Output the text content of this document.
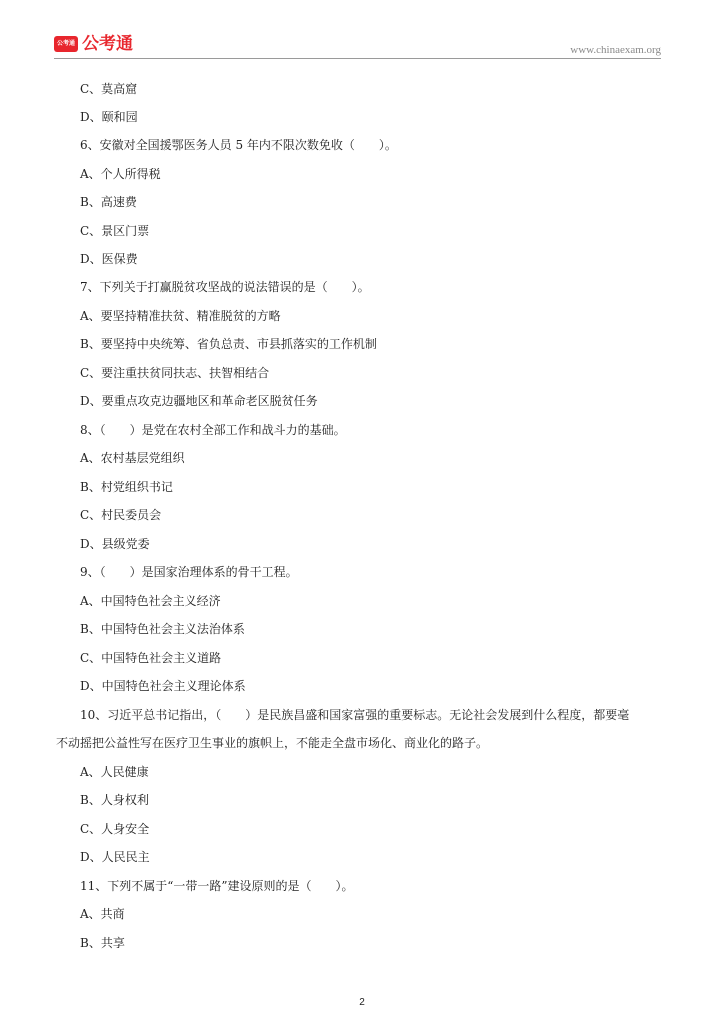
公考通 公考通	www.chinaexam.org
C、莫高窟
D、颐和园
6、安徽对全国援鄂医务人员 5 年内不限次数免收（　　）。
A、个人所得税
B、高速费
C、景区门票
D、医保费
7、下列关于打赢脱贫攻坚战的说法错误的是（　　）。
A、要坚持精准扶贫、精准脱贫的方略
B、要坚持中央统筹、省负总责、市县抓落实的工作机制
C、要注重扶贫同扶志、扶智相结合
D、要重点攻克边疆地区和革命老区脱贫任务
8、（　　）是党在农村全部工作和战斗力的基础。
A、农村基层党组织
B、村党组织书记
C、村民委员会
D、县级党委
9、（　　）是国家治理体系的骨干工程。
A、中国特色社会主义经济
B、中国特色社会主义法治体系
C、中国特色社会主义道路
D、中国特色社会主义理论体系
10、习近平总书记指出，（　　）是民族昌盛和国家富强的重要标志。无论社会发展到什么程度，都要毫
不动摇把公益性写在医疗卫生事业的旗帜上，不能走全盘市场化、商业化的路子。
A、人民健康
B、人身权利
C、人身安全
D、人民民主
11、下列不属于“一带一路”建设原则的是（　　）。
A、共商
B、共享
2
